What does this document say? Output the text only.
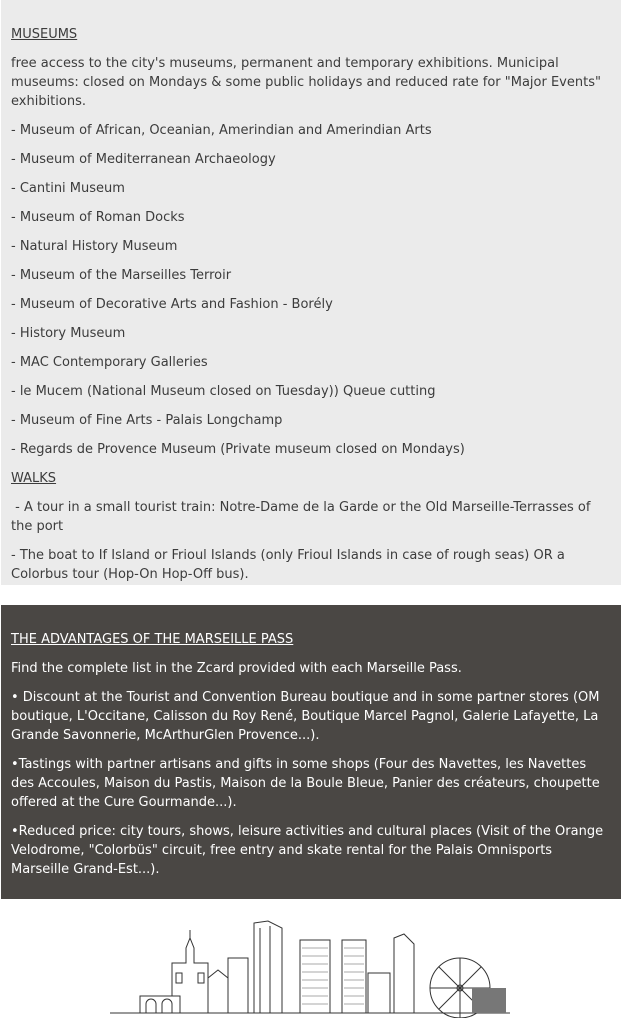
MUSEUMS

free access to the city's museums, permanent and temporary exhibitions. Municipal museums: closed on Mondays & some public holidays and reduced rate for "Major Events" exhibitions.

- Museum of African, Oceanian, Amerindian and Amerindian Arts

- Museum of Mediterranean Archaeology

- Cantini Museum

- Museum of Roman Docks

- Natural History Museum

- Museum of the Marseilles Terroir

- Museum of Decorative Arts and Fashion - Borély

- History Museum

- MAC Contemporary Galleries

- le Mucem (National Museum closed on Tuesday)) Queue cutting

- Museum of Fine Arts - Palais Longchamp

- Regards de Provence Museum (Private museum closed on Mondays)

WALKS

- A tour in a small tourist train: Notre-Dame de la Garde or the Old Marseille-Terrasses of the port

- The boat to If Island or Frioul Islands (only Frioul Islands in case of rough seas) OR a Colorbus tour (Hop-On Hop-Off bus).

THE ADVANTAGES OF THE MARSEILLE PASS

Find the complete list in the Zcard provided with each Marseille Pass.

• Discount at the Tourist and Convention Bureau boutique and in some partner stores (OM boutique, L'Occitane, Calisson du Roy René, Boutique Marcel Pagnol, Galerie Lafayette, La Grande Savonnerie, McArthurGlen Provence...).

•Tastings with partner artisans and gifts in some shops (Four des Navettes, les Navettes des Accoules, Maison du Pastis, Maison de la Boule Bleue, Panier des créateurs, choupette offered at the Cure Gourmande...).

•Reduced price: city tours, shows, leisure activities and cultural places (Visit of the Orange Velodrome, "Colorbüs" circuit, free entry and skate rental for the Palais Omnisports Marseille Grand-Est...).
